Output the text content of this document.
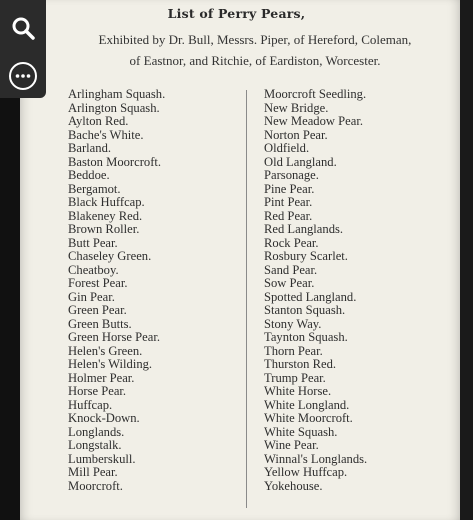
List of Perry Pears,
Exhibited by Dr. Bull, Messrs. Piper, of Hereford, Coleman,
of Eastnor, and Ritchie, of Eardiston, Worcester.
Arlingham Squash.
Arlington Squash.
Aylton Red.
Bache's White.
Barland.
Baston Moorcroft.
Beddoe.
Bergamot.
Black Huffcap.
Blakeney Red.
Brown Roller.
Butt Pear.
Chaseley Green.
Cheatboy.
Forest Pear.
Gin Pear.
Green Pear.
Green Butts.
Green Horse Pear.
Helen's Green.
Helen's Wilding.
Holmer Pear.
Horse Pear.
Huffcap.
Knock-Down.
Longlands.
Longstalk.
Lumberskull.
Mill Pear.
Moorcroft.
Moorcroft Seedling.
New Bridge.
New Meadow Pear.
Norton Pear.
Oldfield.
Old Langland.
Parsonage.
Pine Pear.
Pint Pear.
Red Pear.
Red Langlands.
Rock Pear.
Rosbury Scarlet.
Sand Pear.
Sow Pear.
Spotted Langland.
Stanton Squash.
Stony Way.
Taynton Squash.
Thorn Pear.
Thurston Red.
Trump Pear.
White Horse.
White Longland.
White Moorcroft.
White Squash.
Wine Pear.
Winnal's Longlands.
Yellow Huffcap.
Yokehouse.
